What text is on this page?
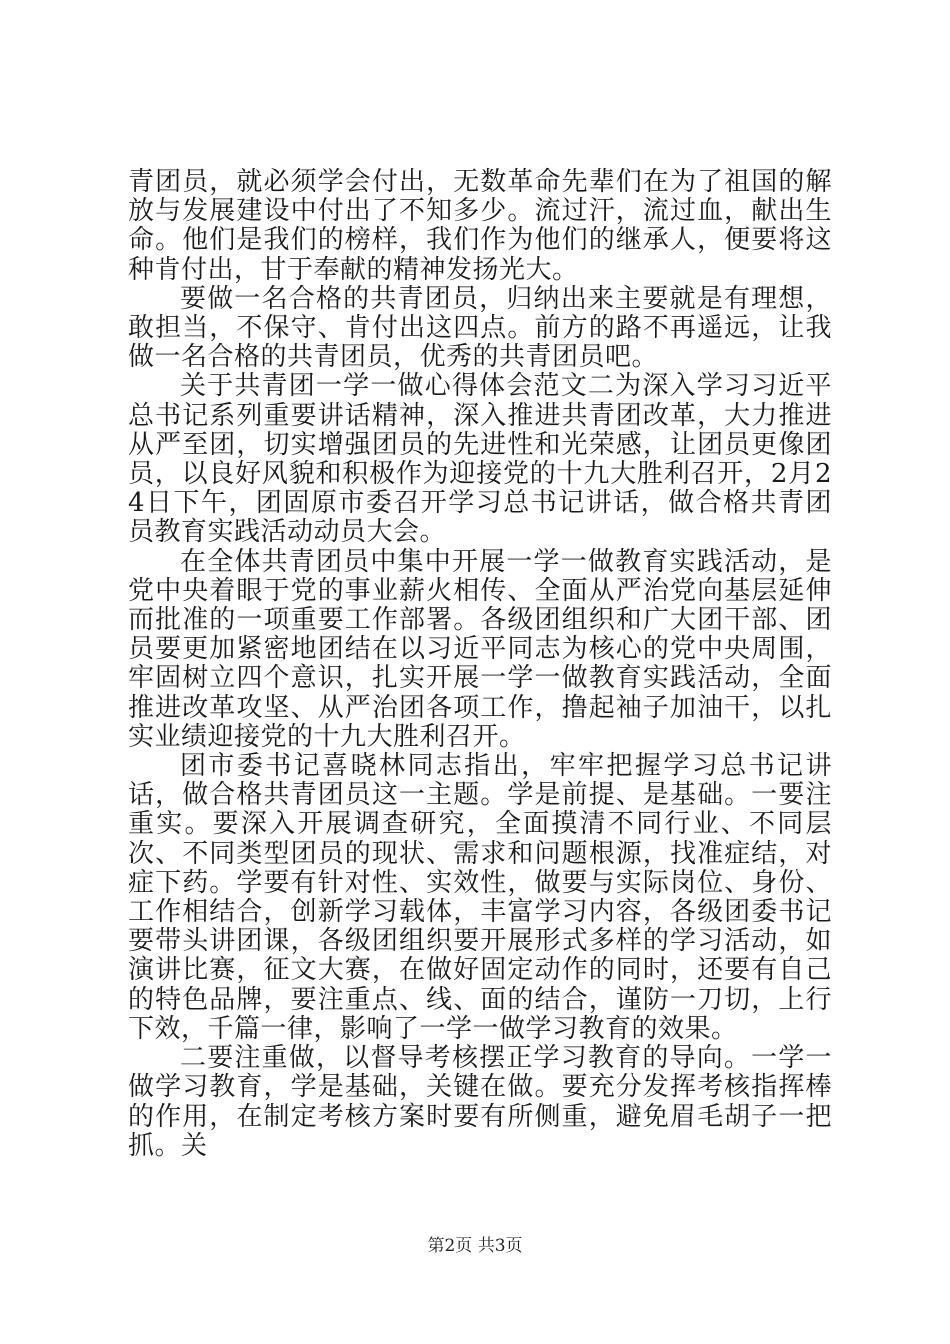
青团员，就必须学会付出，无数革命先辈们在为了祖国的解放与发展建设中付出了不知多少。流过汗，流过血，献出生命。他们是我们的榜样，我们作为他们的继承人，便要将这种肯付出，甘于奉献的精神发扬光大。

要做一名合格的共青团员，归纳出来主要就是有理想，敢担当，不保守、肯付出这四点。前方的路不再遥远，让我做一名合格的共青团员，优秀的共青团员吧。

关于共青团一学一做心得体会范文二为深入学习习近平总书记系列重要讲话精神，深入推进共青团改革，大力推进从严至团，切实增强团员的先进性和光荣感，让团员更像团员，以良好风貌和积极作为迎接党的十九大胜利召开，2月24日下午，团固原市委召开学习总书记讲话，做合格共青团员教育实践活动动员大会。

在全体共青团员中集中开展一学一做教育实践活动，是党中央着眼于党的事业薪火相传、全面从严治党向基层延伸而批准的一项重要工作部署。各级团组织和广大团干部、团员要更加紧密地团结在以习近平同志为核心的党中央周围，牢固树立四个意识，扎实开展一学一做教育实践活动，全面推进改革攻坚、从严治团各项工作，撸起袖子加油干，以扎实业绩迎接党的十九大胜利召开。

团市委书记喜晓林同志指出，牢牢把握学习总书记讲话，做合格共青团员这一主题。学是前提、是基础。一要注重实。要深入开展调查研究，全面摸清不同行业、不同层次、不同类型团员的现状、需求和问题根源，找准症结，对症下药。学要有针对性、实效性，做要与实际岗位、身份、工作相结合，创新学习载体，丰富学习内容，各级团委书记要带头讲团课，各级团组织要开展形式多样的学习活动，如演讲比赛，征文大赛，在做好固定动作的同时，还要有自己的特色品牌，要注重点、线、面的结合，谨防一刀切，上行下效，千篇一律，影响了一学一做学习教育的效果。

二要注重做，以督导考核摆正学习教育的导向。一学一做学习教育，学是基础，关键在做。要充分发挥考核指挥棒的作用，在制定考核方案时要有所侧重，避免眉毛胡子一把抓。关

第2页 共3页
